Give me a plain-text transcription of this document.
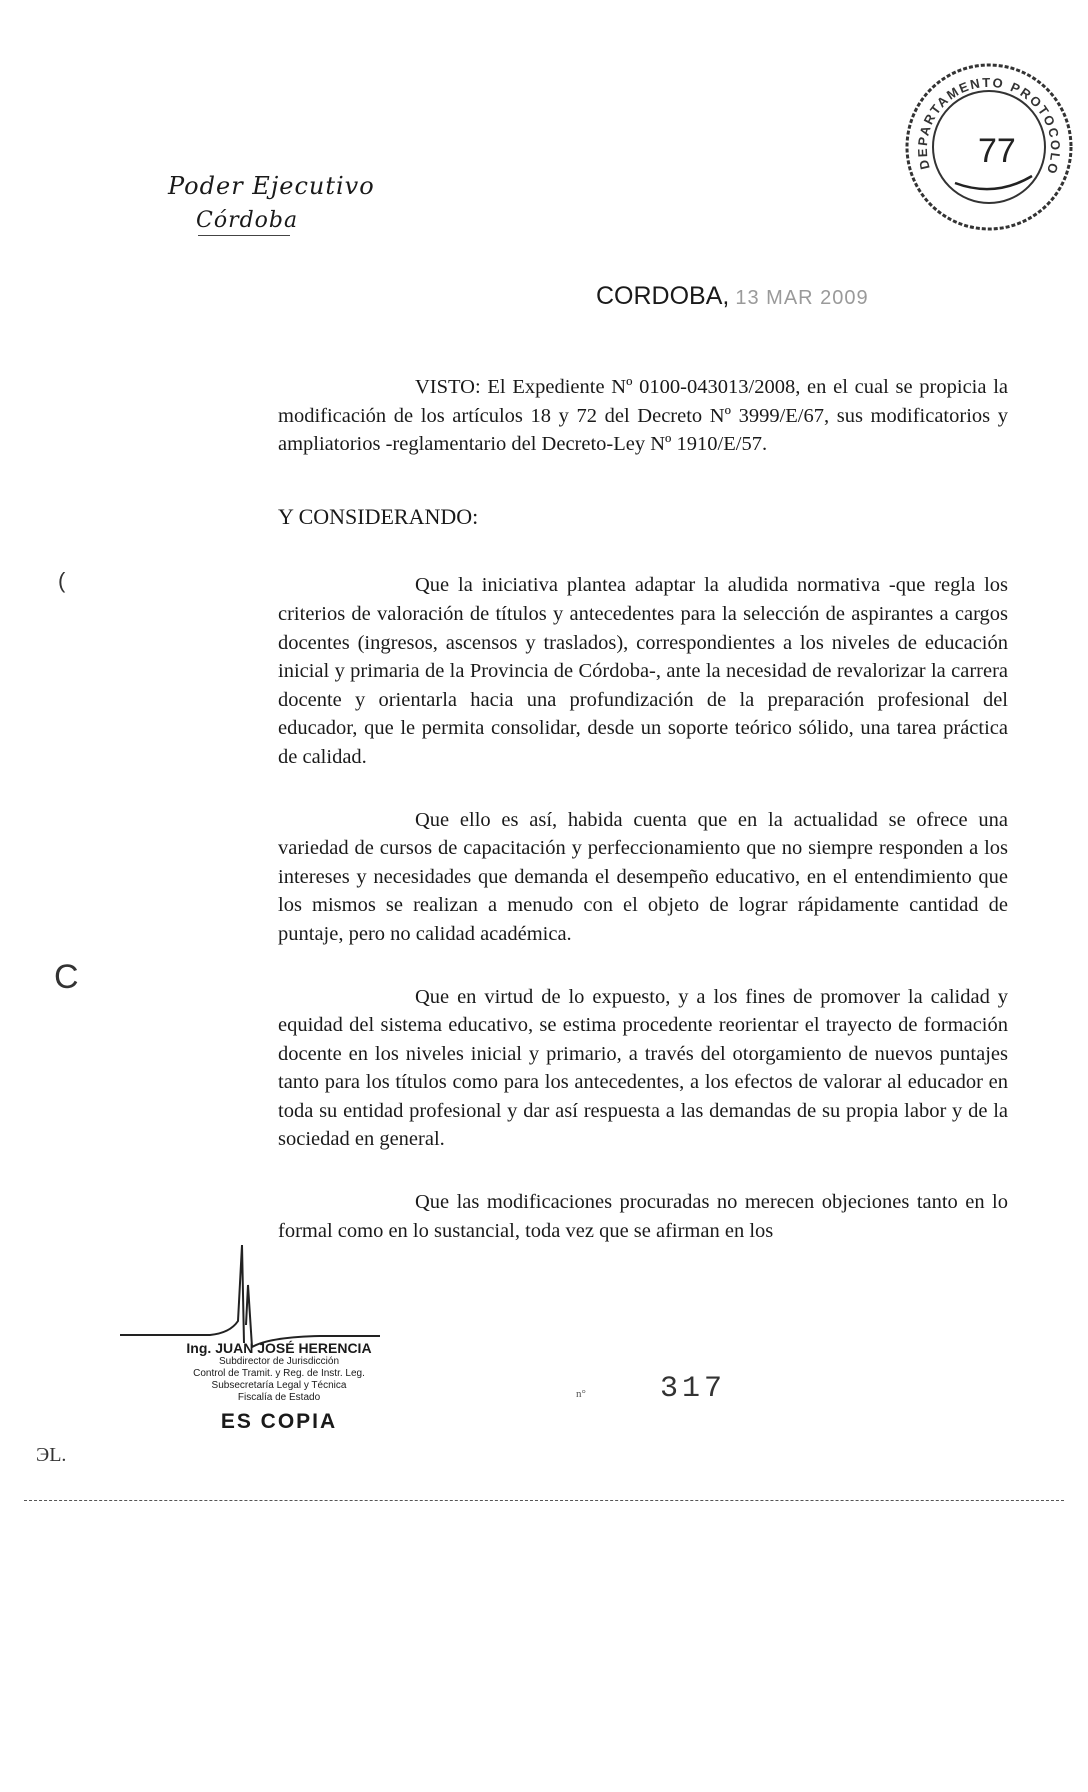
Poder Ejecutivo
Córdoba
DEPARTAMENTO PROTOCOLO
77
CORDOBA, 13 MAR 2009

VISTO: El Expediente Nº 0100-043013/2008, en el cual se propicia la modificación de los artículos 18 y 72 del Decreto Nº 3999/E/67, sus modificatorios y ampliatorios -reglamentario del Decreto-Ley Nº 1910/E/57.

Y CONSIDERANDO:

Que la iniciativa plantea adaptar la aludida normativa -que regla los criterios de valoración de títulos y antecedentes para la selección de aspirantes a cargos docentes (ingresos, ascensos y traslados), correspondientes a los niveles de educación inicial y primaria de la Provincia de Córdoba-, ante la necesidad de revalorizar la carrera docente y orientarla hacia una profundización de la preparación profesional del educador, que le permita consolidar, desde un soporte teórico sólido, una tarea práctica de calidad.

Que ello es así, habida cuenta que en la actualidad se ofrece una variedad de cursos de capacitación y perfeccionamiento que no siempre responden a los intereses y necesidades que demanda el desempeño educativo, en el entendimiento que los mismos se realizan a menudo con el objeto de lograr rápidamente cantidad de puntaje, pero no calidad académica.

Que en virtud de lo expuesto, y a los fines de promover la calidad y equidad del sistema educativo, se estima procedente reorientar el trayecto de formación docente en los niveles inicial y primario, a través del otorgamiento de nuevos puntajes tanto para los títulos como para los antecedentes, a los efectos de valorar al educador en toda su entidad profesional y dar así respuesta a las demandas de su propia labor y de la sociedad en general.

Que las modificaciones procuradas no merecen objeciones tanto en lo formal como en lo sustancial, toda vez que se afirman en los

Ing. JUAN JOSÉ HERENCIA
Subdirector de Jurisdicción
Control de Tramit. y Reg. de Instr. Leg.
Subsecretaría Legal y Técnica
Fiscalía de Estado
ES COPIA
n° 317
(
C
ЭL.
